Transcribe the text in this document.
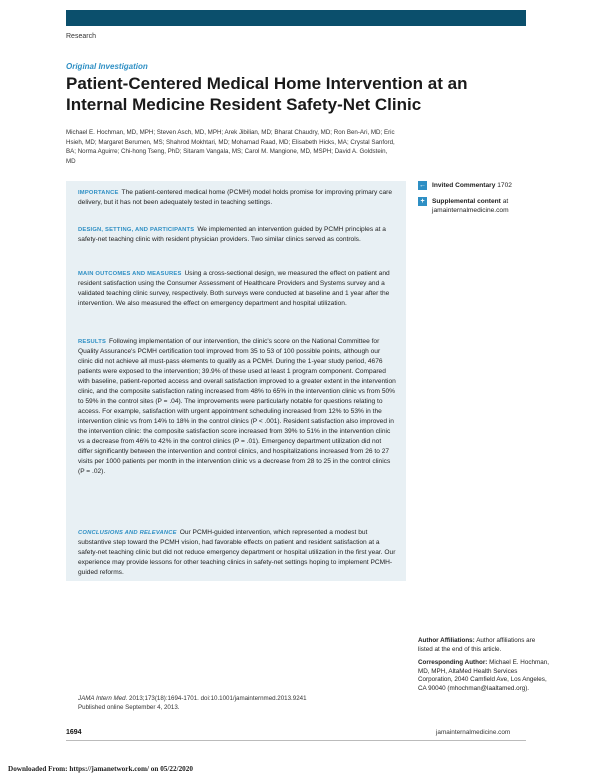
Research
Original Investigation
Patient-Centered Medical Home Intervention at an Internal Medicine Resident Safety-Net Clinic
Michael E. Hochman, MD, MPH; Steven Asch, MD, MPH; Arek Jibilian, MD; Bharat Chaudry, MD; Ron Ben-Ari, MD; Eric Hsieh, MD; Margaret Berumen, MS; Shahrod Mokhtari, MD; Mohamad Raad, MD; Elisabeth Hicks, MA; Crystal Sanford, BA; Norma Aguirre; Chi-hong Tseng, PhD; Sitaram Vangala, MS; Carol M. Mangione, MD, MSPH; David A. Goldstein, MD

IMPORTANCE The patient-centered medical home (PCMH) model holds promise for improving primary care delivery, but it has not been adequately tested in teaching settings.

DESIGN, SETTING, AND PARTICIPANTS We implemented an intervention guided by PCMH principles at a safety-net teaching clinic with resident physician providers. Two similar clinics served as controls.

MAIN OUTCOMES AND MEASURES Using a cross-sectional design, we measured the effect on patient and resident satisfaction using the Consumer Assessment of Healthcare Providers and Systems survey and a validated teaching clinic survey, respectively. Both surveys were conducted at baseline and 1 year after the intervention. We also measured the effect on emergency department and hospital utilization.

RESULTS Following implementation of our intervention, the clinic's score on the National Committee for Quality Assurance's PCMH certification tool improved from 35 to 53 of 100 possible points, although our clinic did not achieve all must-pass elements to qualify as a PCMH. During the 1-year study period, 4676 patients were exposed to the intervention; 39.9% of these used at least 1 program component. Compared with baseline, patient-reported access and overall satisfaction improved to a greater extent in the intervention clinic, and the composite satisfaction rating increased from 48% to 65% in the intervention clinic vs from 50% to 59% in the control sites (P = .04). The improvements were particularly notable for questions relating to access. For example, satisfaction with urgent appointment scheduling increased from 12% to 53% in the intervention clinic vs from 14% to 18% in the control clinics (P < .001). Resident satisfaction also improved in the intervention clinic: the composite satisfaction score increased from 39% to 51% in the intervention clinic vs a decrease from 46% to 42% in the control clinics (P = .01). Emergency department utilization did not differ significantly between the intervention and control clinics, and hospitalizations increased from 26 to 27 visits per 1000 patients per month in the intervention clinic vs a decrease from 28 to 25 in the control clinics (P = .02).

CONCLUSIONS AND RELEVANCE Our PCMH-guided intervention, which represented a modest but substantive step toward the PCMH vision, had favorable effects on patient and resident satisfaction at a safety-net teaching clinic but did not reduce emergency department or hospital utilization in the first year. Our experience may provide lessons for other teaching clinics in safety-net settings hoping to implement PCMH-guided reforms.

← Invited Commentary 1702
+	Supplemental content at
jamainternalmedicine.com
Author Affiliations: Author affiliations are listed at the end of this article.
Corresponding Author: Michael E. Hochman, MD, MPH, AltaMed Health Services Corporation, 2040 Camfield Ave, Los Angeles, CA 90040 (mhochman@laaltamed.org).
JAMA Intern Med. 2013;173(18):1694-1701. doi:10.1001/jamainternmed.2013.9241
Published online September 4, 2013.
1694	jamainternalmedicine.com
Downloaded From: https://jamanetwork.com/ on 05/22/2020
